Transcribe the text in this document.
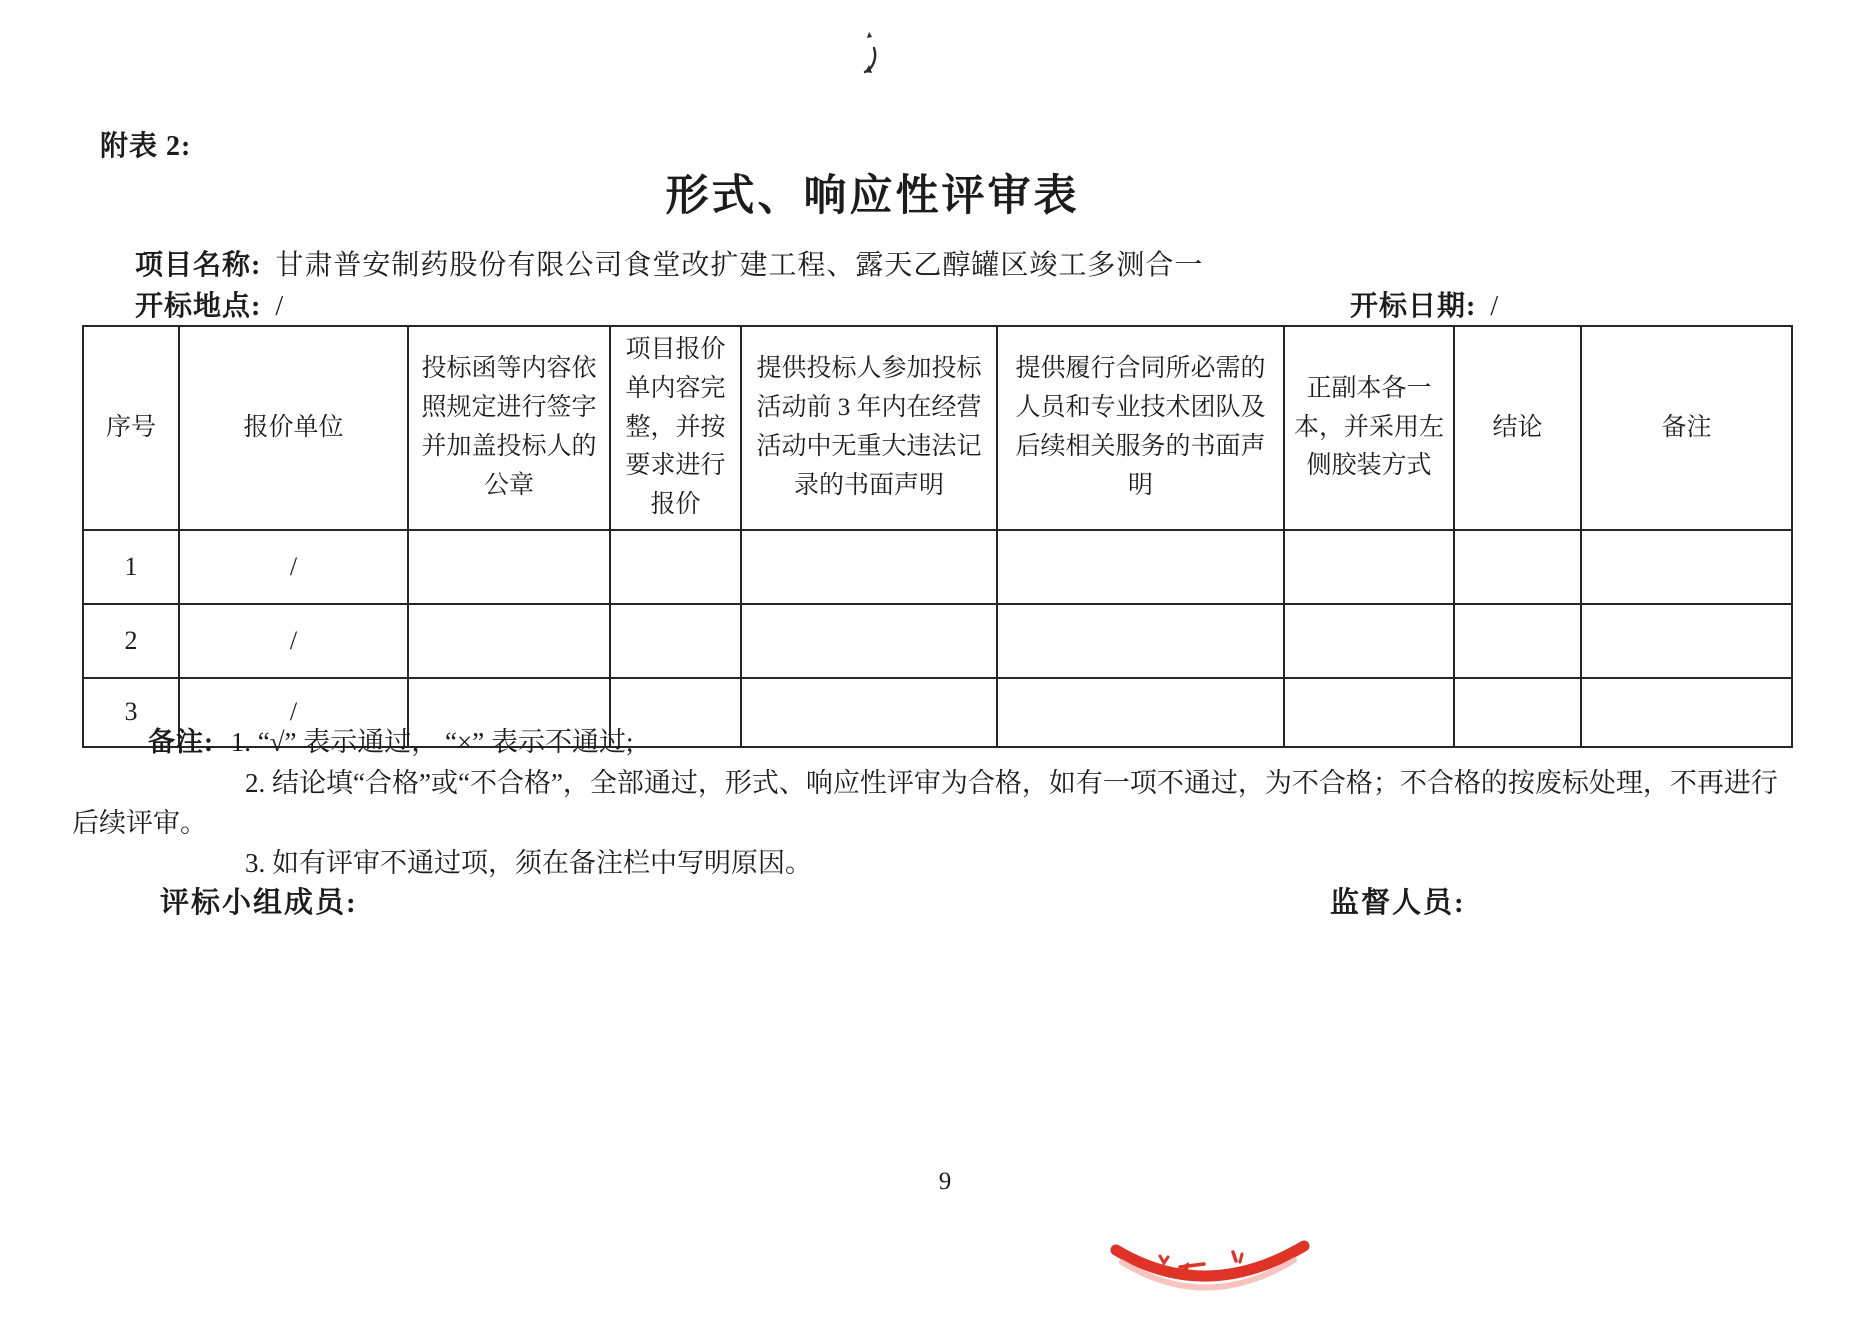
附表 2:
形式、响应性评审表
项目名称: 甘肃普安制药股份有限公司食堂改扩建工程、露天乙醇罐区竣工多测合一
开标地点: /	开标日期: /
序号	报价单位	投标函等内容依照规定进行签字并加盖投标人的公章	项目报价单内容完整，并按要求进行报价	提供投标人参加投标活动前 3 年内在经营活动中无重大违法记录的书面声明	提供履行合同所必需的人员和专业技术团队及后续相关服务的书面声明	正副本各一本，并采用左侧胶装方式	结论	备注
1	/							
2	/							
3	/							
备注: 1. “√” 表示通过， “×” 表示不通过;
2. 结论填“合格”或“不合格”，全部通过，形式、响应性评审为合格，如有一项不通过，为不合格；不合格的按废标处理，不再进行
后续评审。
3. 如有评审不通过项，须在备注栏中写明原因。
评标小组成员:	监督人员:
9
